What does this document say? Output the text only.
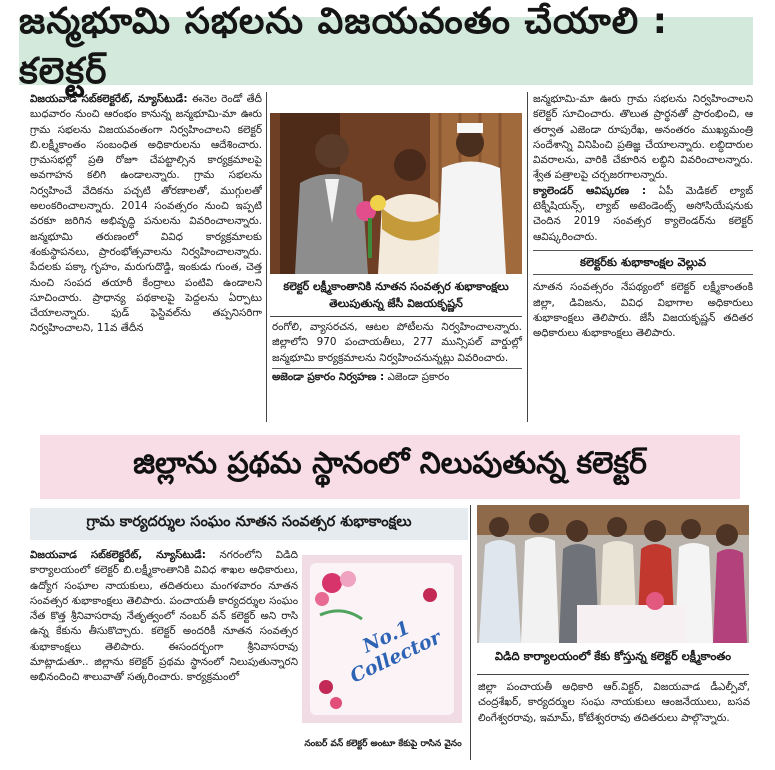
జన్మభూమి సభలను విజయవంతం చేయాలి : కలెక్టర్

విజయవాడ సబ్‌కలెక్టరేట్, న్యూస్‌టుడే: ఈనెల రెండో తేదీ బుధవారం నుంచి ఆరంభం కానున్న జన్మభూమి-మా ఊరు గ్రామ సభలను విజయవంతంగా నిర్వహించాలని కలెక్టర్ బి.లక్ష్మీకాంతం సంబంధిత అధికారులను ఆదేశించారు. గ్రామసభల్లో ప్రతి రోజూ చేపట్టాల్సిన కార్యక్రమాలపై అవగాహన కలిగి ఉండాలన్నారు. గ్రామ సభలను నిర్వహించే వేదికను పచ్చటి తోరణాలతో, ముగ్గులతో అలంకరించాలన్నారు. 2014 సంవత్సరం నుంచి ఇప్పటి వరకూ జరిగిన అభివృద్ధి పనులను వివరించాలన్నారు. జన్మభూమి తరుణంలో వివిధ కార్యక్రమాలకు శంకుస్థాపనలు, ప్రారంభోత్సవాలను నిర్వహించాలన్నారు. పేదలకు పక్కా గృహం, మరుగుదొడ్డి, ఇంకుడు గుంత, చెత్త నుంచి సంపద తయారీ కేంద్రాలు పంటివి ఉండాలని సూచించారు. ప్రాధాన్య పథకాలపై పెద్దలను ఏర్పాటు చేయాలన్నారు. ఫుడ్ ఫెస్టివల్‌ను తప్పనిసరిగా నిర్వహించాలని, 11వ తేదీన

కలెక్టర్ లక్ష్మీకాంతానికి నూతన సంవత్సర శుభాకాంక్షలు తెలుపుతున్న జేసీ విజయకృష్ణన్

రంగోలి, వ్యాసరచన, ఆటల పోటీలను నిర్వహించాలన్నారు. జిల్లాలోని 970 పంచాయతీలు, 277 మున్సిపల్ వార్డుల్లో జన్మభూమి కార్యక్రమాలను నిర్వహించనున్నట్లు వివరించారు.

అజెండా ప్రకారం నిర్వహణ : ఎజెండా ప్రకారం

జన్మభూమి-మా ఊరు గ్రామ సభలను నిర్వహించాలని కలెక్టర్ సూచించారు. తొలుత ప్రార్థనతో ప్రారంభించి, ఆ తర్వాత ఎజెండా రూపురేఖ, అనంతరం ముఖ్యమంత్రి సందేశాన్ని వినిపించి ప్రతిజ్ఞ చేయాలన్నారు. లబ్ధిదారుల వివరాలను, వారికి చేకూరిన లబ్ధిని వివరించాలన్నారు. శ్వేత పత్రాలపై చర్చజరగాలన్నారు.

క్యాలెండర్ ఆవిష్కరణ : ఏపీ మెడికల్ ల్యాబ్ టెక్నీషియన్స్, ల్యాబ్ అటెండెంట్స్ అసోసియేషనుకు చెందిన 2019 సంవత్సర క్యాలెండర్‌ను కలెక్టర్ ఆవిష్కరించారు.

కలెక్టర్‌కు శుభాకాంక్షల వెల్లువ

నూతన సంవత్సరం నేపథ్యంలో కలెక్టర్ లక్ష్మీకాంతంకి జిల్లా, డివిజను, వివిధ విభాగాల అధికారులు శుభాకాంక్షలు తెలిపారు. జేసీ విజయకృష్ణన్ తదితర అధికారులు శుభాకాంక్షలు తెలిపారు.

జిల్లాను ప్రథమ స్థానంలో నిలుపుతున్న కలెక్టర్
గ్రామ కార్యదర్శుల సంఘం నూతన సంవత్సర శుభాకాంక్షలు

విజయవాడ సబ్‌కలెక్టరేట్, న్యూస్‌టుడే: నగరంలోని విడిది కార్యాలయంలో కలెక్టర్ బి.లక్ష్మీకాంతానికి వివిధ శాఖల అధికారులు, ఉద్యోగ సంఘాల నాయకులు, తదితరులు మంగళవారం నూతన సంవత్సర శుభాకాంక్షలు తెలిపారు. పంచాయతీ కార్యదర్శుల సంఘం నేత కొత్త శ్రీనివాసరావు నేతృత్వంలో నంబర్ వన్ కలెక్టర్ అని రాసి ఉన్న కేకును తీసుకొచ్చారు. కలెక్టర్ అందరికీ నూతన సంవత్సర శుభాకాంక్షలు తెలిపారు. ఈసందర్భంగా శ్రీనివాసరావు మాట్లాడుతూ.. జిల్లాను కలెక్టర్ ప్రథమ స్థానంలో నిలుపుతున్నారని అభినందించి శాలువాతో సత్కరించారు. కార్యక్రమంలో

No.1 Collector
నంబర్ వన్ కలెక్టర్ అంటూ కేకుపై రాసిన వైనం
విడిది కార్యాలయంలో కేకు కోస్తున్న కలెక్టర్ లక్ష్మీకాంతం

జిల్లా పంచాయతీ అధికారి ఆర్.విక్టర్, విజయవాడ డీఎల్పీవో, చంద్రశేఖర్, కార్యదర్శుల సంఘ నాయకులు ఆంజనేయులు, బసవ లింగేశ్వరరావు, ఇమామ్, కోటేశ్వరరావు తదితరులు పాల్గొన్నారు.
